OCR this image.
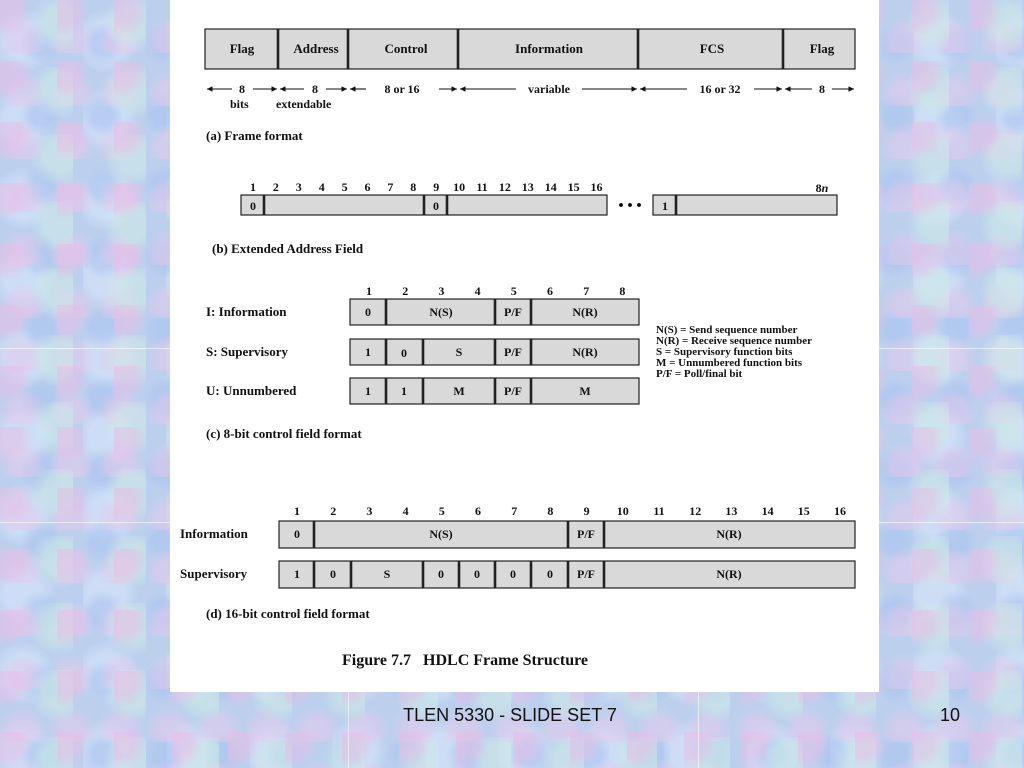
Flag	Address	Control	Information	FCS	Flag
8	8	8 or 16	variable	16 or 32	8
bits extendable
(a) Frame format
1 2 3 4 5 6 7 8 9 10 11 12 13 14 15 16	8n
0	0	• • • 1
(b) Extended Address Field
1	2	3	4	5	6	7	8
I: Information	0	N(S)	P/F	N(R)
S: Supervisory	1	0	S	P/F	N(R)
U: Unnumbered	1	1	M	P/F	M
N(S) = Send sequence number
N(R) = Receive sequence number
S = Supervisory function bits
M = Unnumbered function bits
P/F = Poll/final bit
(c) 8-bit control field format
1	2	3	4	5	6	7	8	9 10 11 12 13 14 15 16
Information	0	N(S)	P/F	N(R)
Supervisory	1	0	S	0	0	0	0 P/F	N(R)
(d) 16-bit control field format
Figure 7.7   HDLC Frame Structure
TLEN 5330 - SLIDE SET 7	10
